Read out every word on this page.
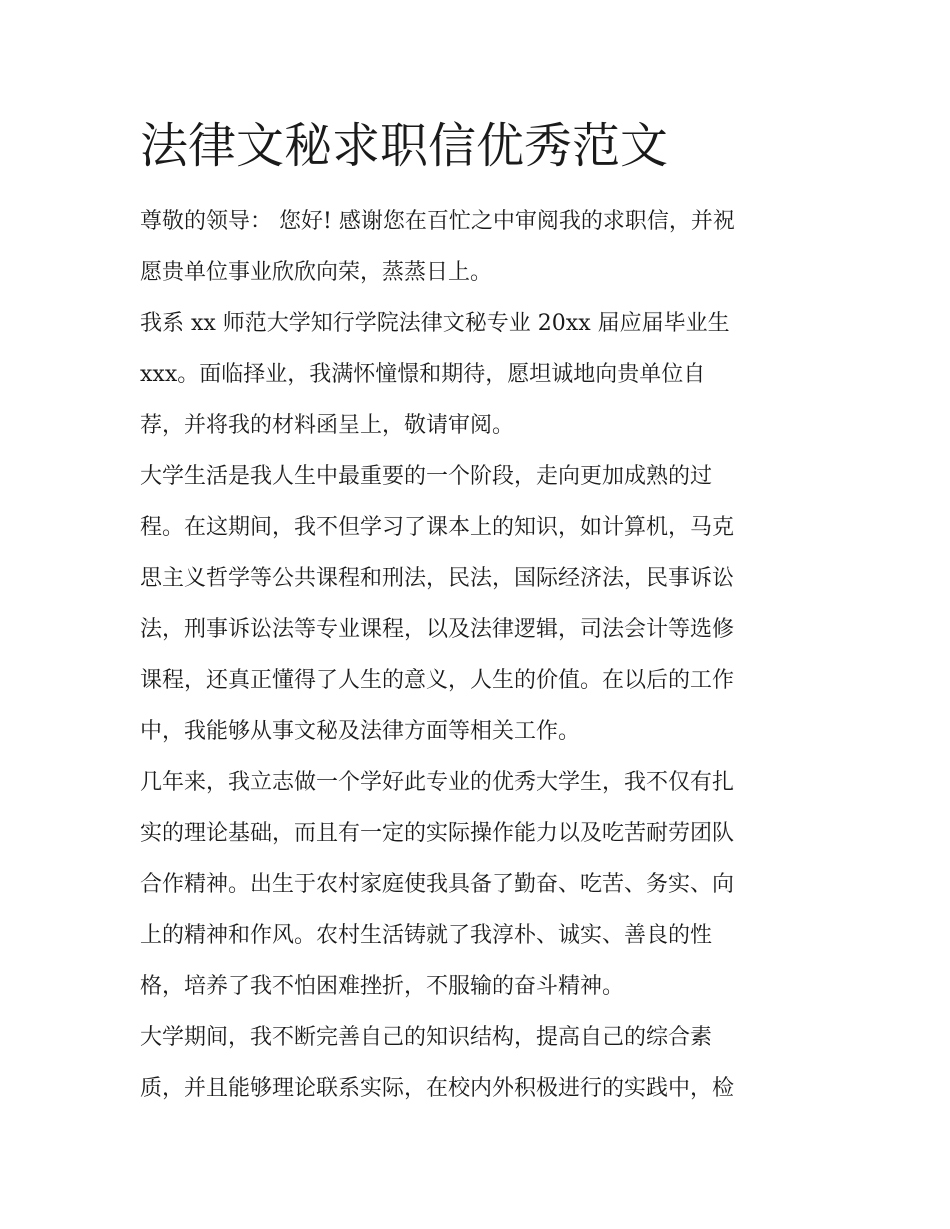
法律文秘求职信优秀范文

尊敬的领导： 您好! 感谢您在百忙之中审阅我的求职信，并祝
愿贵单位事业欣欣向荣，蒸蒸日上。

我系 xx 师范大学知行学院法律文秘专业 20xx 届应届毕业生
xxx。面临择业，我满怀憧憬和期待，愿坦诚地向贵单位自
荐，并将我的材料函呈上，敬请审阅。

大学生活是我人生中最重要的一个阶段，走向更加成熟的过
程。在这期间，我不但学习了课本上的知识，如计算机，马克
思主义哲学等公共课程和刑法，民法，国际经济法，民事诉讼
法，刑事诉讼法等专业课程，以及法律逻辑，司法会计等选修
课程，还真正懂得了人生的意义，人生的价值。在以后的工作
中，我能够从事文秘及法律方面等相关工作。

几年来，我立志做一个学好此专业的优秀大学生，我不仅有扎
实的理论基础，而且有一定的实际操作能力以及吃苦耐劳团队
合作精神。出生于农村家庭使我具备了勤奋、吃苦、务实、向
上的精神和作风。农村生活铸就了我淳朴、诚实、善良的性
格，培养了我不怕困难挫折，不服输的奋斗精神。

大学期间，我不断完善自己的知识结构，提高自己的综合素
质，并且能够理论联系实际，在校内外积极进行的实践中，检
